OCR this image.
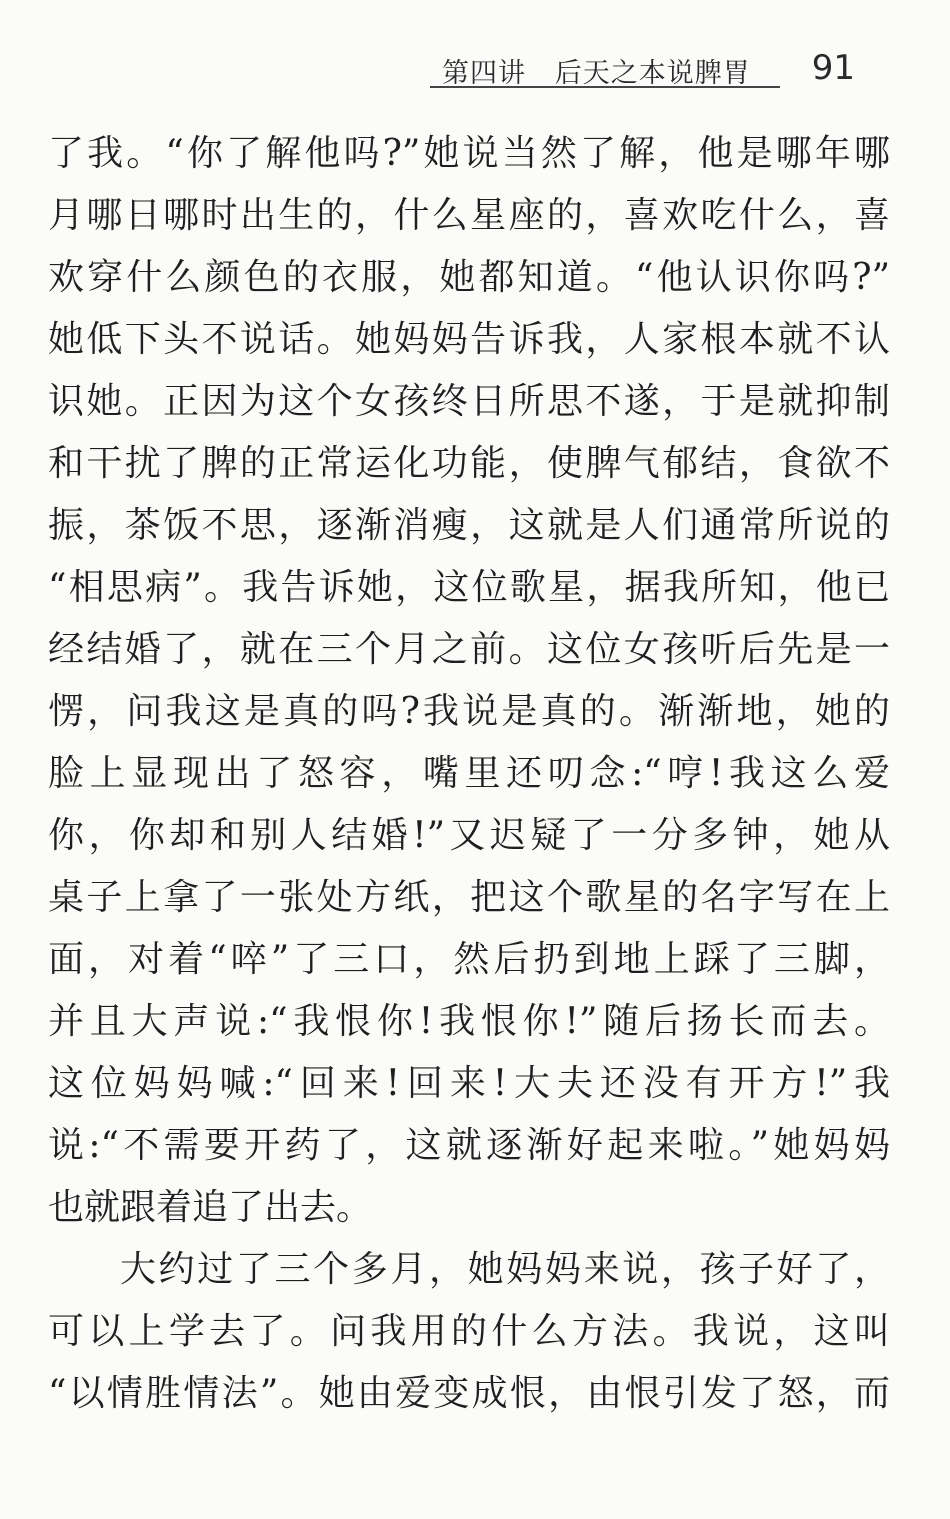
第四讲   后天之本说脾胃 91
了我。“你了解他吗?”她说当然了解，他是哪年哪
月哪日哪时出生的，什么星座的，喜欢吃什么，喜
欢穿什么颜色的衣服，她都知道。“他认识你吗?”
她低下头不说话。她妈妈告诉我，人家根本就不认
识她。正因为这个女孩终日所思不遂，于是就抑制
和干扰了脾的正常运化功能，使脾气郁结，食欲不
振，茶饭不思，逐渐消瘦，这就是人们通常所说的
“相思病”。我告诉她，这位歌星，据我所知，他已
经结婚了，就在三个月之前。这位女孩听后先是一
愣，问我这是真的吗?我说是真的。渐渐地，她的
脸上显现出了怒容，嘴里还叨念:“哼!我这么爱
你，你却和别人结婚!”又迟疑了一分多钟，她从
桌子上拿了一张处方纸，把这个歌星的名字写在上
面，对着“啐”了三口，然后扔到地上踩了三脚，
并且大声说:“我恨你!我恨你!”随后扬长而去。
这位妈妈喊:“回来!回来!大夫还没有开方!”我
说:“不需要开药了，这就逐渐好起来啦。”她妈妈
也就跟着追了出去。
大约过了三个多月，她妈妈来说，孩子好了，
可以上学去了。问我用的什么方法。我说，这叫
“以情胜情法”。她由爱变成恨，由恨引发了怒，而
